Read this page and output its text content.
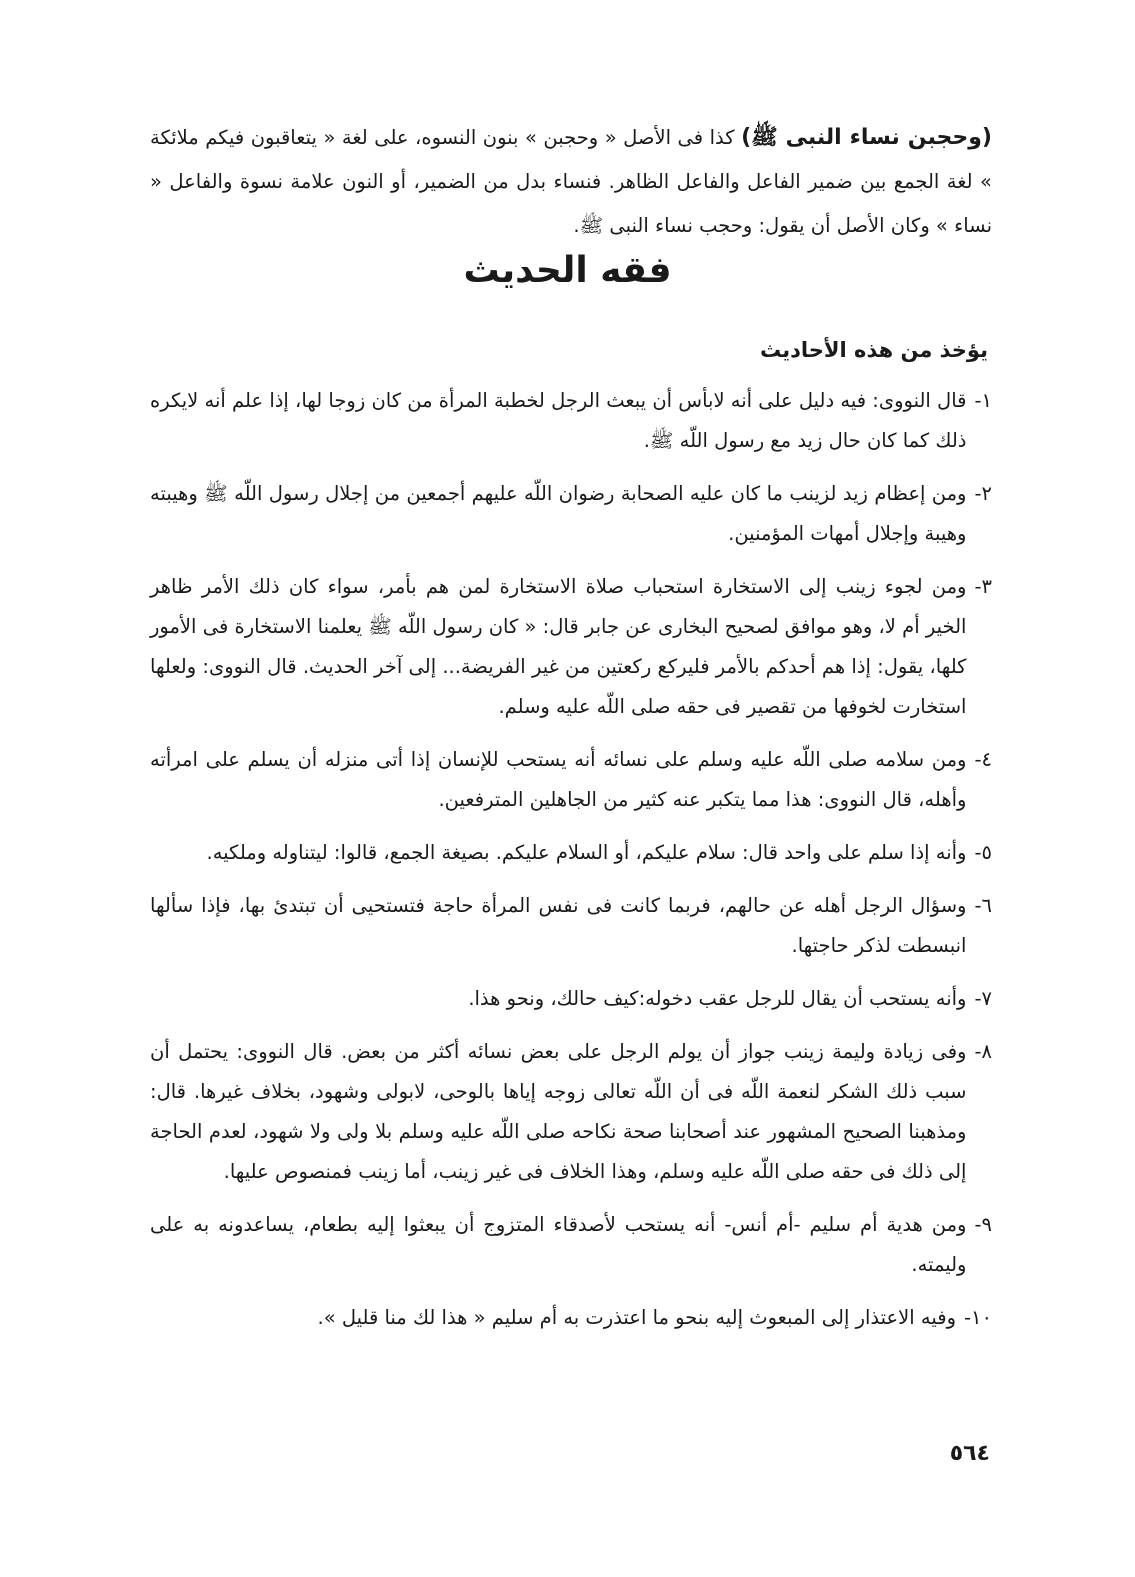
(وحجبن نساء النبى ﷺ) كذا فى الأصل « وحجبن » بنون النسوه، على لغة « يتعاقبون فيكم ملائكة » لغة الجمع بين ضمير الفاعل والفاعل الظاهر. فنساء بدل من الضمير، أو النون علامة نسوة والفاعل « نساء » وكان الأصل أن يقول: وحجب نساء النبى ﷺ.

فقه الحديث
يؤخذ من هذه الأحاديث
١-
قال النووى: فيه دليل على أنه لابأس أن يبعث الرجل لخطبة المرأة من كان زوجا لها، إذا علم أنه لايكره ذلك كما كان حال زيد مع رسول اللّه ﷺ.
٢-
ومن إعظام زيد لزينب ما كان عليه الصحابة رضوان اللّه عليهم أجمعين من إجلال رسول اللّه ﷺ وهيبته وهيبة وإجلال أمهات المؤمنين.
٣-
ومن لجوء زينب إلى الاستخارة استحباب صلاة الاستخارة لمن هم بأمر، سواء كان ذلك الأمر ظاهر الخير أم لا، وهو موافق لصحيح البخارى عن جابر قال: « كان رسول اللّه ﷺ يعلمنا الاستخارة فى الأمور كلها، يقول: إذا هم أحدكم بالأمر فليركع ركعتين من غير الفريضة... إلى آخر الحديث. قال النووى: ولعلها استخارت لخوفها من تقصير فى حقه صلى اللّه عليه وسلم.
٤-
ومن سلامه صلى اللّه عليه وسلم على نسائه أنه يستحب للإنسان إذا أتى منزله أن يسلم على امرأته وأهله، قال النووى: هذا مما يتكبر عنه كثير من الجاهلين المترفعين.
٥-
وأنه إذا سلم على واحد قال: سلام عليكم، أو السلام عليكم. بصيغة الجمع، قالوا: ليتناوله وملكيه.
٦-
وسؤال الرجل أهله عن حالهم، فربما كانت فى نفس المرأة حاجة فتستحيى أن تبتدئ بها، فإذا سألها انبسطت لذكر حاجتها.
٧-
وأنه يستحب أن يقال للرجل عقب دخوله:كيف حالك، ونحو هذا.
٨-
وفى زيادة وليمة زينب جواز أن يولم الرجل على بعض نسائه أكثر من بعض. قال النووى: يحتمل أن سبب ذلك الشكر لنعمة اللّه فى أن اللّه تعالى زوجه إياها بالوحى، لابولى وشهود، بخلاف غيرها. قال: ومذهبنا الصحيح المشهور عند أصحابنا صحة نكاحه صلى اللّه عليه وسلم بلا ولى ولا شهود، لعدم الحاجة إلى ذلك فى حقه صلى اللّه عليه وسلم، وهذا الخلاف فى غير زينب، أما زينب فمنصوص عليها.
٩-
ومن هدية أم سليم -أم أنس- أنه يستحب لأصدقاء المتزوج أن يبعثوا إليه بطعام، يساعدونه به على وليمته.
١٠-
وفيه الاعتذار إلى المبعوث إليه بنحو ما اعتذرت به أم سليم « هذا لك منا قليل ».
٥٦٤
